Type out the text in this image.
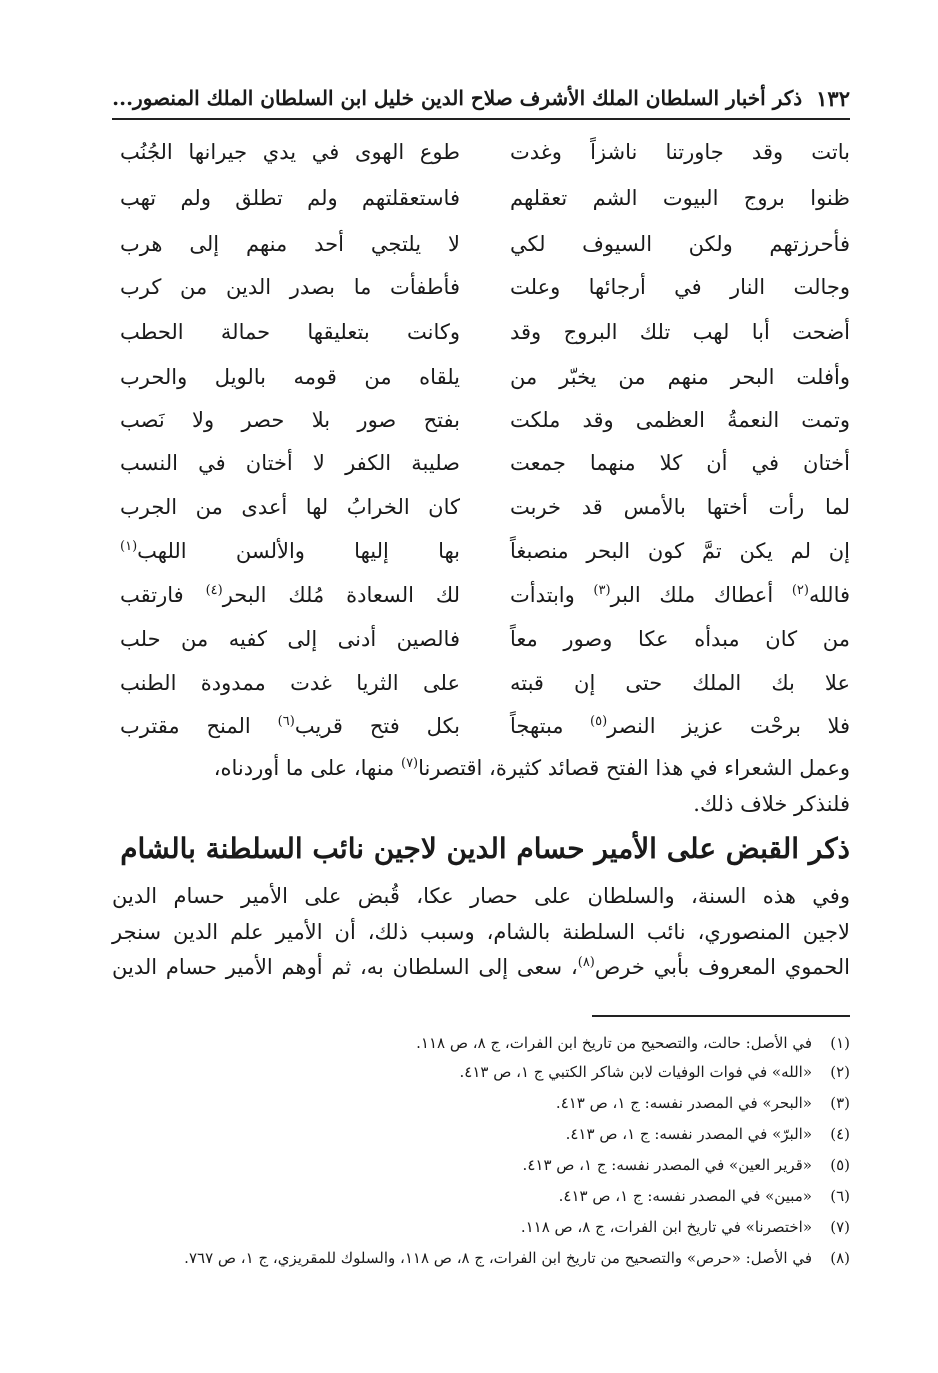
١٣٢
ذكر أخبار السلطان الملك الأشرف صلاح الدين خليل ابن السلطان الملك المنصور...
باتت وقد جاورتنا ناشزاً وغدت
طوع الهوى في يدي جيرانها الجُنُب
ظنوا بروج البيوت الشم تعقلهم
فاستعقلتهم ولم تطلق ولم تهب
فأحرزتهم ولكن السيوف لكي
لا يلتجي أحد منهم إلى هرب
وجالت النار في أرجائها وعلت
فأطفأت ما بصدر الدين من كرب
أضحت أبا لهب تلك البروج وقد
وكانت بتعليقها حمالة الحطب
وأفلت البحر منهم من يخبّر من
يلقاه من قومه بالويل والحرب
وتمت النعمةُ العظمى وقد ملكت
بفتح صور بلا حصر ولا نَصب
أختان في أن كلا منهما جمعت
صليبة الكفر لا أختان في النسب
لما رأت أختها بالأمس قد خربت
كان الخرابُ لها أعدى من الجرب
إن لم يكن تمَّ كون البحر منصبغاً
بها إليها والألسن اللهب$^{(١)}$
فالله$^{(٢)}$ أعطاك ملك البر$^{(٣)}$ وابتدأت
لك السعادة مُلك البحر$^{(٤)}$ فارتقب
من كان مبدأه عكا وصور معاً
فالصين أدنى إلى كفيه من حلب
علا بك الملك حتى إن قبته
على الثريا غدت ممدودة الطنب
فلا برحْت عزيز النصر$^{(٥)}$ مبتهجاً
بكل فتح قريب$^{(٦)}$ المنح مقترب
وعمل الشعراء في هذا الفتح قصائد كثيرة، اقتصرنا$^{(٧)}$ منها، على ما أوردناه،
فلنذكر خلاف ذلك.
ذكر القبض على الأمير حسام الدين لاجين نائب السلطنة بالشام
وفي هذه السنة، والسلطان على حصار عكا، قُبض على الأمير حسام الدين
لاجين المنصوري، نائب السلطنة بالشام، وسبب ذلك، أن الأمير علم الدين سنجر
الحموي المعروف بأبي خرص$^{(٨)}$، سعى إلى السلطان به، ثم أوهم الأمير حسام الدين
(١)
في الأصل: حالت، والتصحيح من تاريخ ابن الفرات، ج ٨، ص ١١٨.
(٢)
«الله» في فوات الوفيات لابن شاكر الكتبي ج ١، ص ٤١٣.
(٣)
«البحر» في المصدر نفسه: ج ١، ص ٤١٣.
(٤)
«البرّ» في المصدر نفسه: ج ١، ص ٤١٣.
(٥)
«قرير العين» في المصدر نفسه: ج ١، ص ٤١٣.
(٦)
«مبين» في المصدر نفسه: ج ١، ص ٤١٣.
(٧)
«اختصرنا» في تاريخ ابن الفرات، ج ٨، ص ١١٨.
(٨)
في الأصل: «حرص» والتصحيح من تاريخ ابن الفرات، ج ٨، ص ١١٨، والسلوك للمقريزي، ج ١، ص ٧٦٧.
